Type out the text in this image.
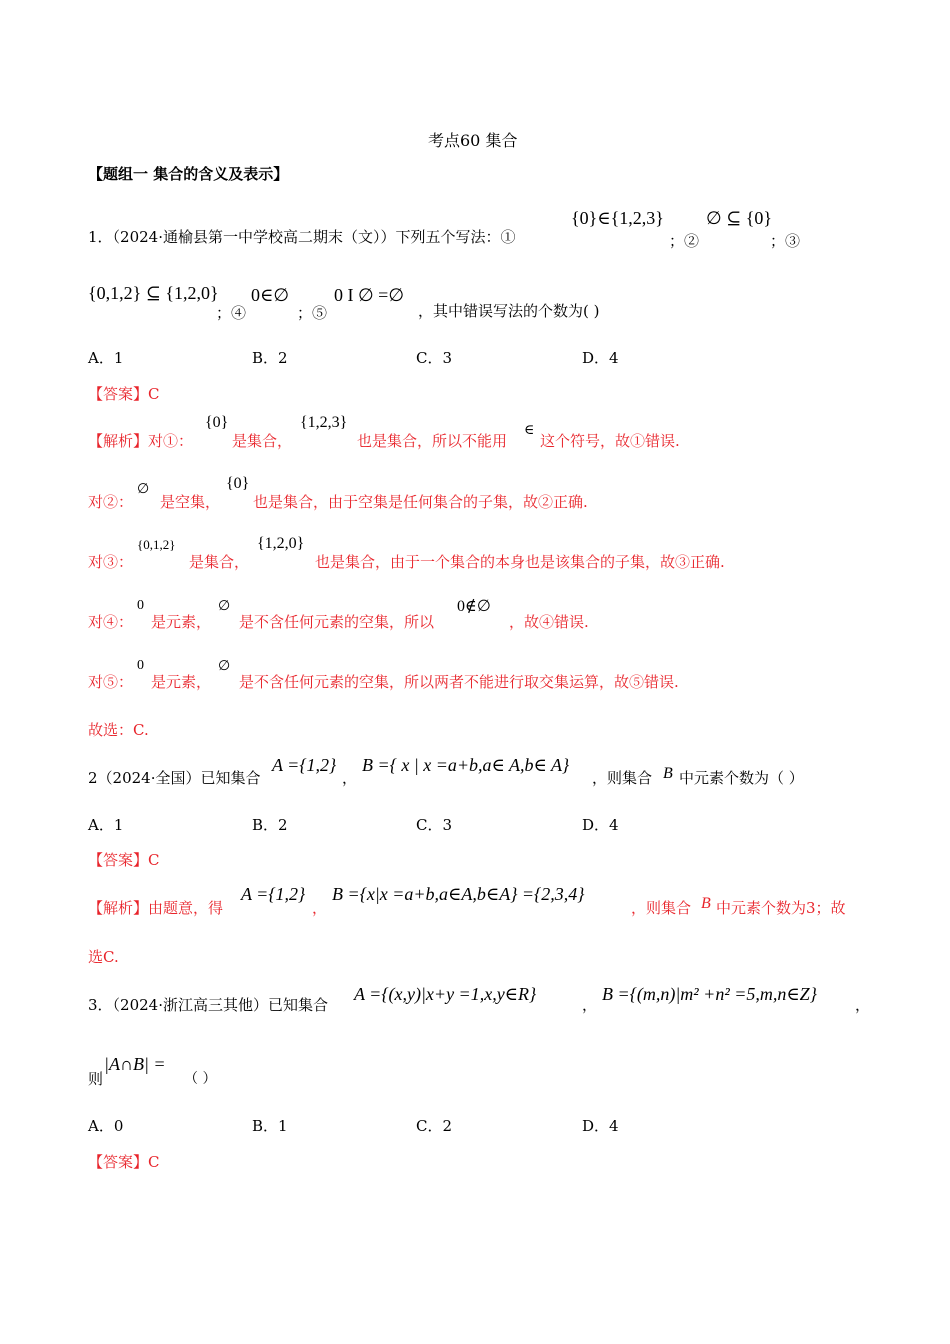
考点60 集合
【题组一 集合的含义及表示】
1．（2024·通榆县第一中学校高二期末（文））下列五个写法：①
{0}∈{1,2,3}
；②
∅ ⊆ {0}
；③
{0,1,2} ⊆ {1,2,0}
；④
0∈∅
；⑤
0 I ∅ =∅
，其中错误写法的个数为( )
A．1	B．2	C．3	D．4
【答案】C
【解析】对①：
{0}
是集合，
{1,2,3}
也是集合，所以不能用
∈
这个符号，故①错误.
对②：
∅
是空集，
{0}
也是集合，由于空集是任何集合的子集，故②正确.
对③：
{0,1,2}
是集合，
{1,2,0}
也是集合，由于一个集合的本身也是该集合的子集，故③正确.
对④：
0
是元素，
∅
是不含任何元素的空集，所以
0∉∅
，故④错误.
对⑤：
0
是元素，
∅
是不含任何元素的空集，所以两者不能进行取交集运算，故⑤错误.
故选：C.
2（2024·全国）已知集合
A ={1,2}
，
B ={ x | x =a+b,a∈ A,b∈ A}
，则集合 B 中元素个数为（ ）
A．1	B．2	C．3	D．4
【答案】C
【解析】由题意，得
A ={1,2}
，
B ={x|x =a+b,a∈A,b∈A} ={2,3,4}
，则集合 B 中元素个数为3；故
选C.
3．（2024·浙江高三其他）已知集合
A ={(x,y)|x+y =1,x,y∈R}
，
B ={(m,n)|m² +n² =5,m,n∈Z}
，
则
|A∩B| =
（ ）
A．0	B．1	C．2	D．4
【答案】C
